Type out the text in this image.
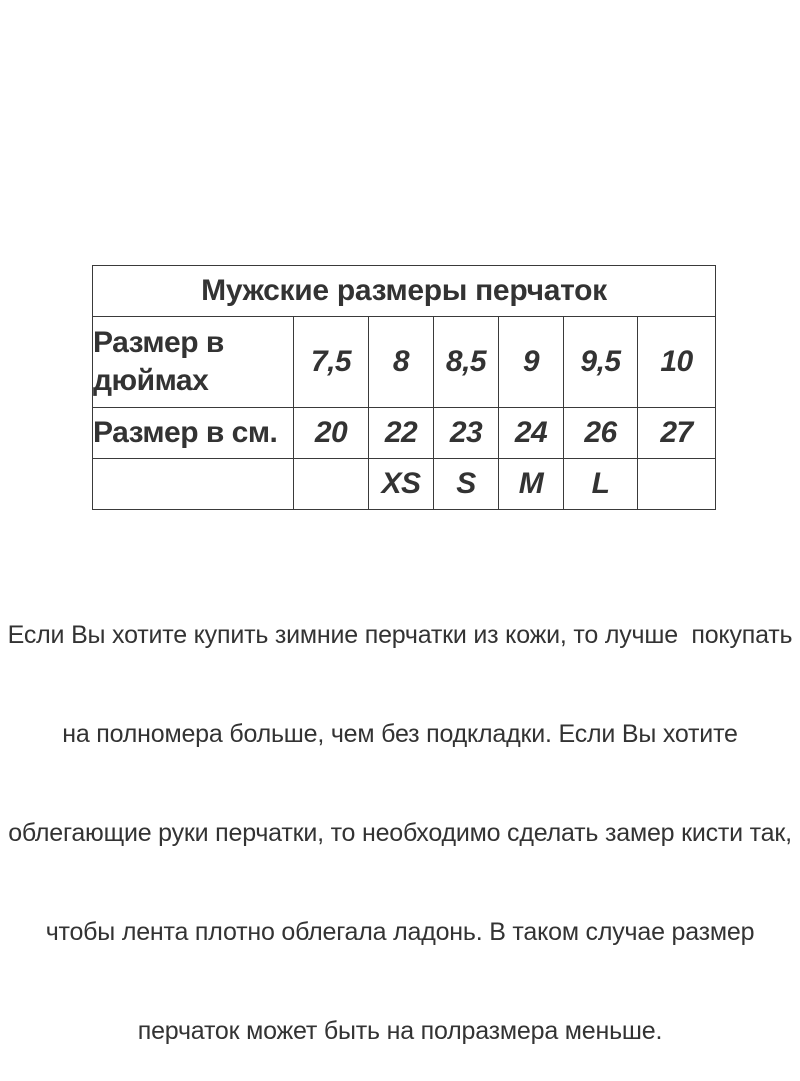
Мужские размеры перчаток						
Размер в дюймах	7,5	8	8,5	9	9,5	10
Размер в см.	20	22	23	24	26	27
		XS	S	M	L	

Если Вы хотите купить зимние перчатки из кожи, то лучше  покупать

на полномера больше, чем без подкладки. Если Вы хотите

облегающие руки перчатки, то необходимо сделать замер кисти так,

чтобы лента плотно облегала ладонь. В таком случае размер

перчаток может быть на полразмера меньше.
